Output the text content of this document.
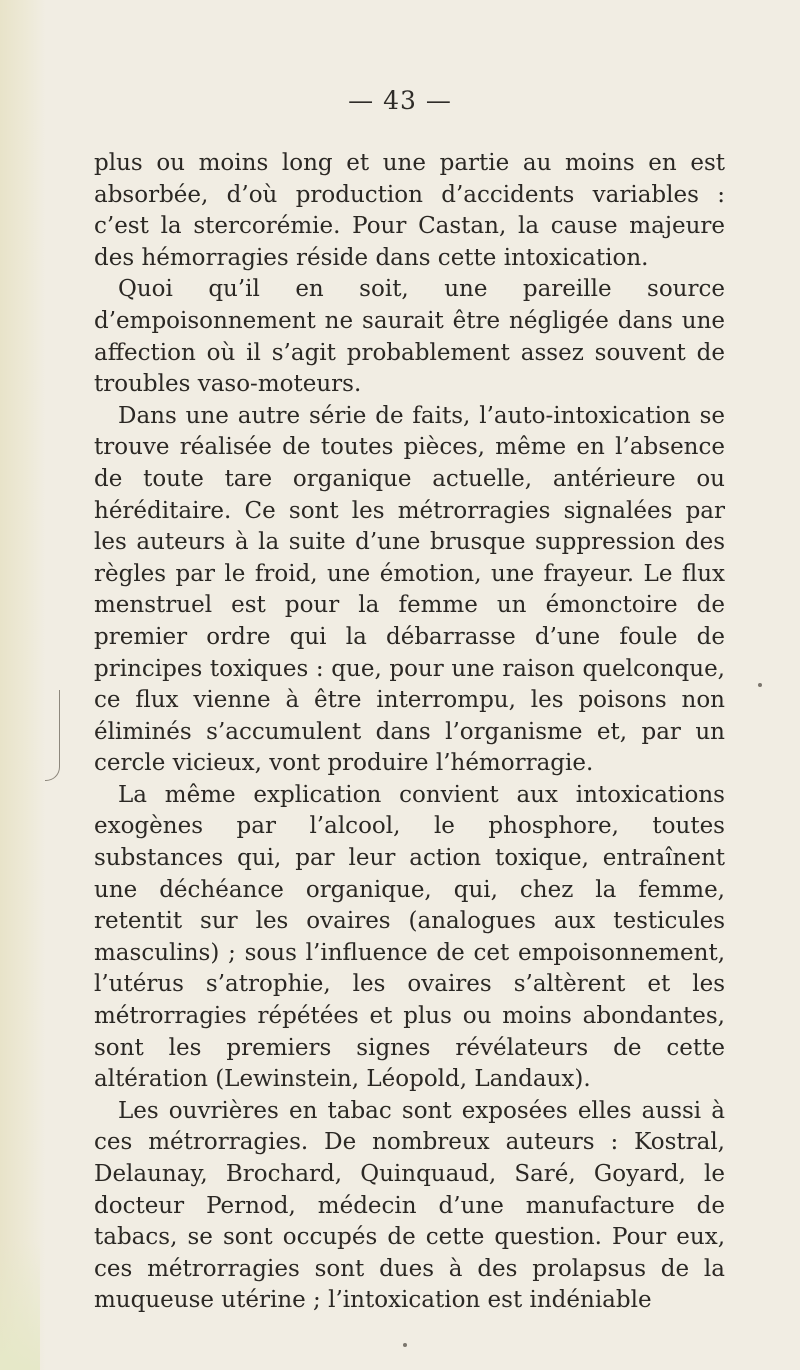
— 43 —

plus ou moins long et une partie au moins en est absorbée, d’où production d’accidents variables : c’est la stercorémie. Pour Castan, la cause majeure des hémorragies réside dans cette intoxication.

Quoi qu’il en soit, une pareille source d’empoisonnement ne saurait être négligée dans une affection où il s’agit probablement assez souvent de troubles vaso-moteurs.

Dans une autre série de faits, l’auto-intoxication se trouve réalisée de toutes pièces, même en l’absence de toute tare organique actuelle, antérieure ou héréditaire. Ce sont les métrorragies signalées par les auteurs à la suite d’une brusque suppression des règles par le froid, une émotion, une frayeur. Le flux menstruel est pour la femme un émonctoire de premier ordre qui la débarrasse d’une foule de principes toxiques : que, pour une raison quelconque, ce flux vienne à être interrompu, les poisons non éliminés s’accumulent dans l’organisme et, par un cercle vicieux, vont produire l’hémorragie.

La même explication convient aux intoxications exogènes par l’alcool, le phosphore, toutes substances qui, par leur action toxique, entraînent une déchéance organique, qui, chez la femme, retentit sur les ovaires (analogues aux testicules masculins) ; sous l’influence de cet empoisonnement, l’utérus s’atrophie, les ovaires s’altèrent et les métrorragies répétées et plus ou moins abondantes, sont les premiers signes révélateurs de cette altération (Lewinstein, Léopold, Landaux).

Les ouvrières en tabac sont exposées elles aussi à ces métrorragies. De nombreux auteurs : Kostral, Delaunay, Brochard, Quinquaud, Saré, Goyard, le docteur Pernod, médecin d’une manufacture de tabacs, se sont occupés de cette question. Pour eux, ces métrorragies sont dues à des prolapsus de la muqueuse utérine ; l’intoxication est indéniable
